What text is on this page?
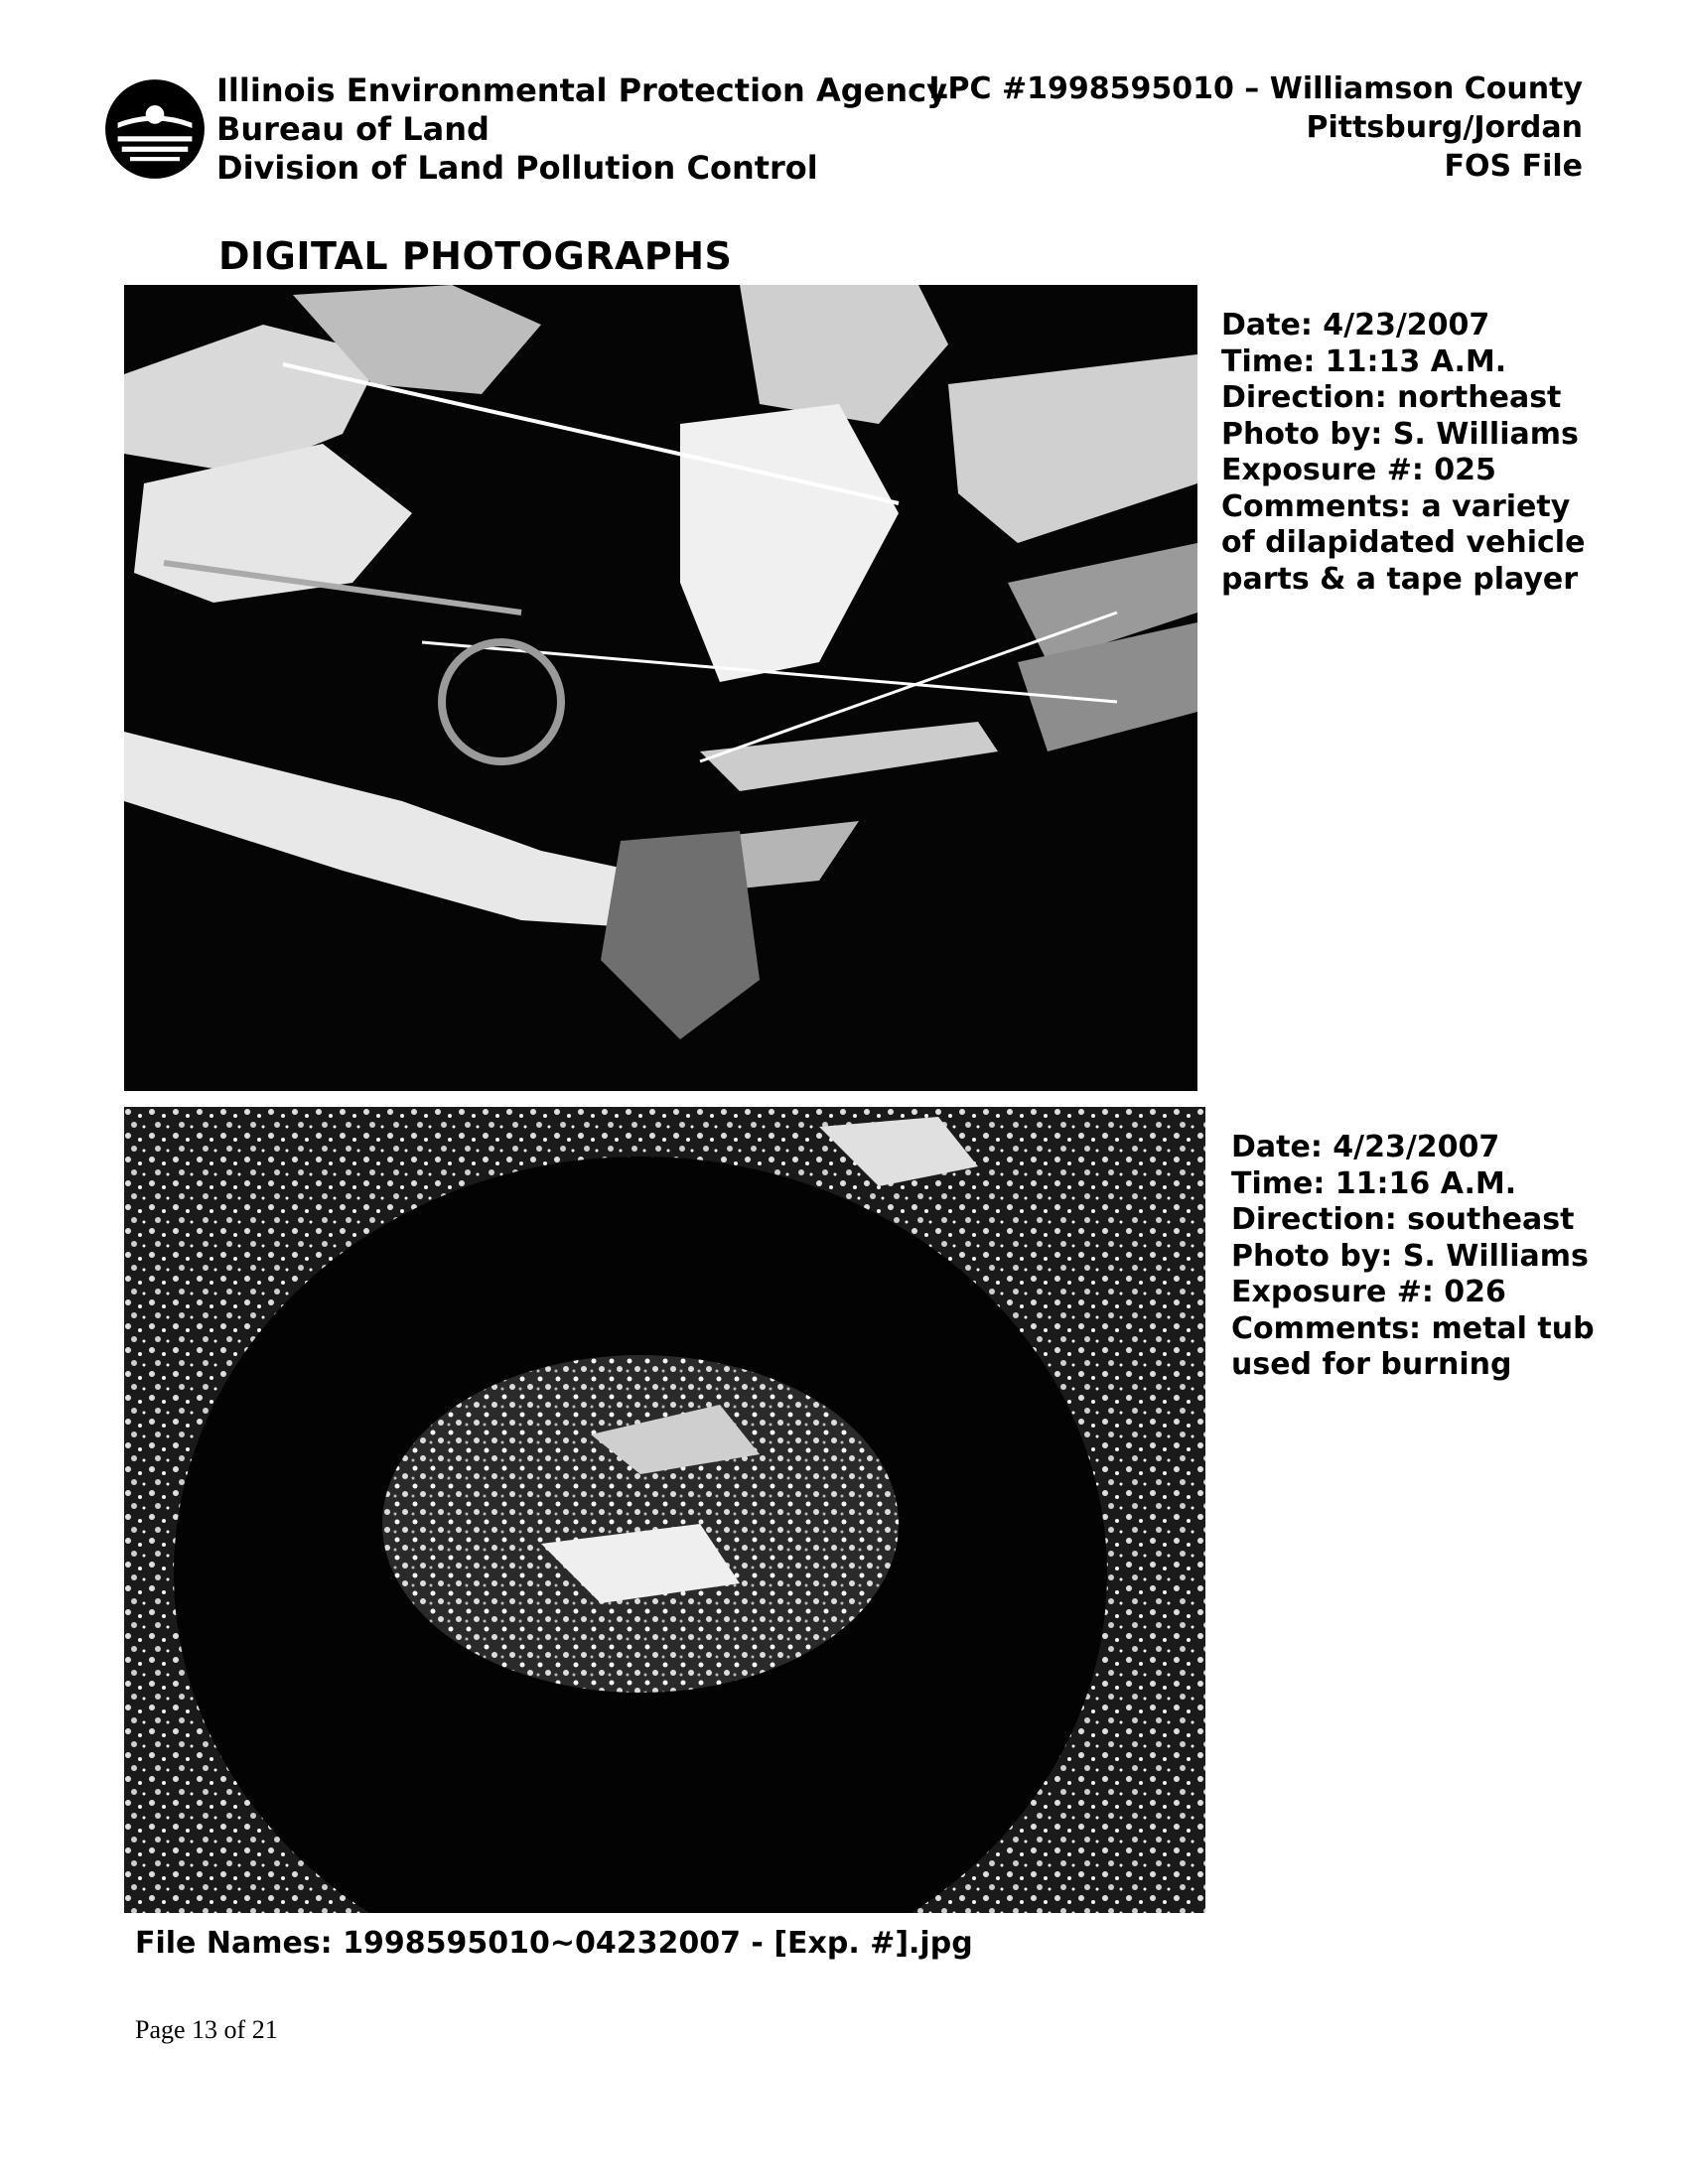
Illinois Environmental Protection Agency
Bureau of Land
Division of Land Pollution Control
LPC #1998595010 – Williamson County
Pittsburg/Jordan
FOS File
DIGITAL PHOTOGRAPHS
Date: 4/23/2007
Time: 11:13 A.M.
Direction: northeast
Photo by: S. Williams
Exposure #: 025
Comments: a variety
of dilapidated vehicle
parts & a tape player
Date: 4/23/2007
Time: 11:16 A.M.
Direction: southeast
Photo by: S. Williams
Exposure #: 026
Comments: metal tub
used for burning
File Names: 1998595010~04232007 - [Exp. #].jpg
Page 13 of 21
